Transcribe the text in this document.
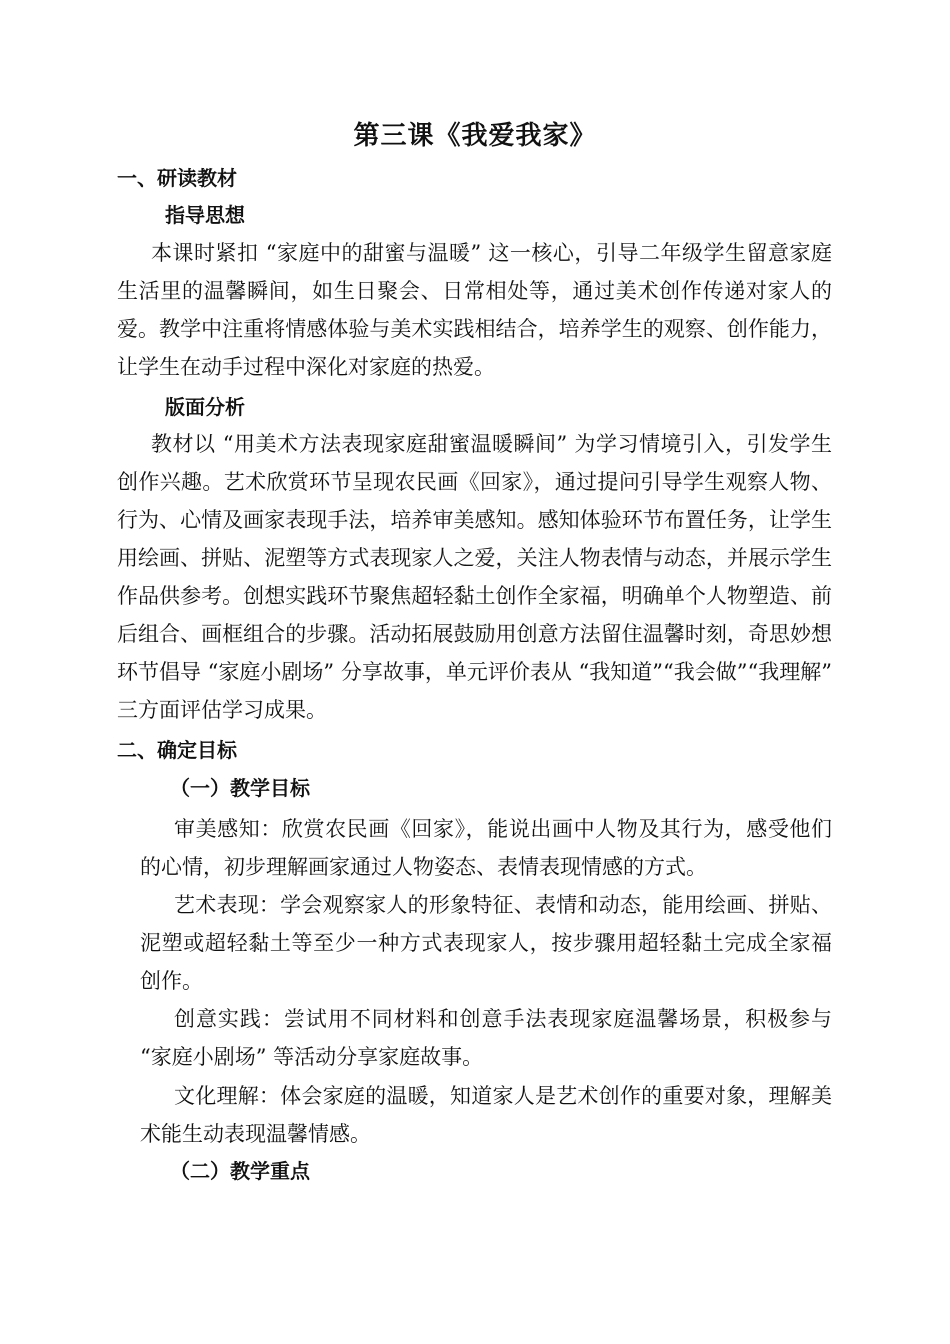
第三课《我爱我家》
一、研读教材
指导思想

本课时紧扣 “家庭中的甜蜜与温暖” 这一核心，引导二年级学生留意家庭生活里的温馨瞬间，如生日聚会、日常相处等，通过美术创作传递对家人的爱。教学中注重将情感体验与美术实践相结合，培养学生的观察、创作能力，让学生在动手过程中深化对家庭的热爱。

版面分析

教材以 “用美术方法表现家庭甜蜜温暖瞬间” 为学习情境引入，引发学生创作兴趣。艺术欣赏环节呈现农民画《回家》，通过提问引导学生观察人物、行为、心情及画家表现手法，培养审美感知。感知体验环节布置任务，让学生用绘画、拼贴、泥塑等方式表现家人之爱，关注人物表情与动态，并展示学生作品供参考。创想实践环节聚焦超轻黏土创作全家福，明确单个人物塑造、前后组合、画框组合的步骤。活动拓展鼓励用创意方法留住温馨时刻，奇思妙想环节倡导 “家庭小剧场” 分享故事，单元评价表从 “我知道”“我会做”“我理解” 三方面评估学习成果。

二、确定目标
（一）教学目标

审美感知：欣赏农民画《回家》，能说出画中人物及其行为，感受他们的心情，初步理解画家通过人物姿态、表情表现情感的方式。

艺术表现：学会观察家人的形象特征、表情和动态，能用绘画、拼贴、泥塑或超轻黏土等至少一种方式表现家人，按步骤用超轻黏土完成全家福创作。

创意实践：尝试用不同材料和创意手法表现家庭温馨场景，积极参与 “家庭小剧场” 等活动分享家庭故事。

文化理解：体会家庭的温暖，知道家人是艺术创作的重要对象，理解美术能生动表现温馨情感。

（二）教学重点
